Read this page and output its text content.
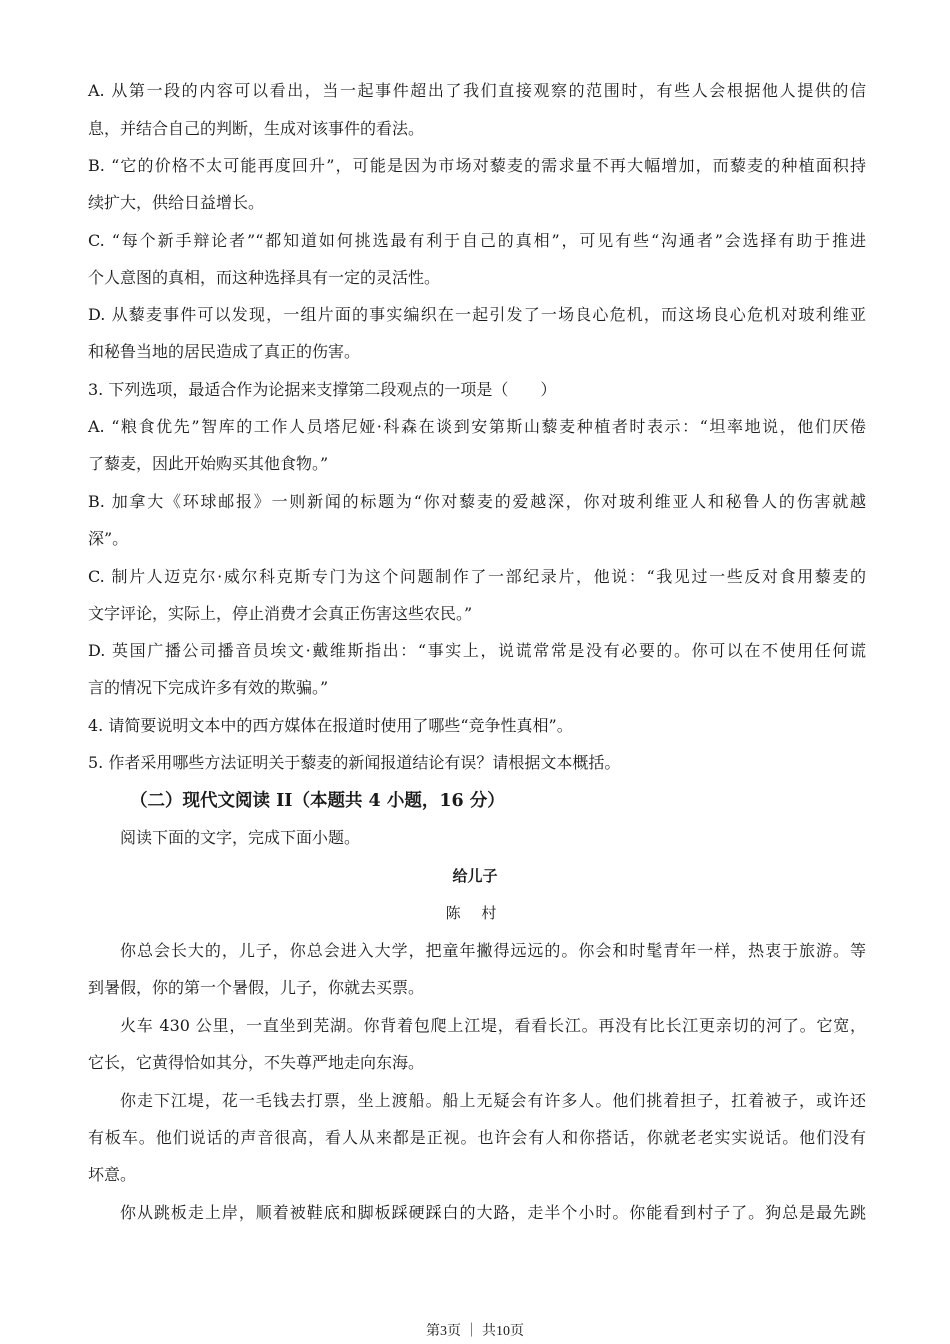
A. 从第一段的内容可以看出，当一起事件超出了我们直接观察的范围时，有些人会根据他人提供的信
息，并结合自己的判断，生成对该事件的看法。
B. “它的价格不太可能再度回升”，可能是因为市场对藜麦的需求量不再大幅增加，而藜麦的种植面积持
续扩大，供给日益增长。
C. “每个新手辩论者”“都知道如何挑选最有利于自己的真相”，可见有些“沟通者”会选择有助于推进
个人意图的真相，而这种选择具有一定的灵活性。
D. 从藜麦事件可以发现，一组片面的事实编织在一起引发了一场良心危机，而这场良心危机对玻利维亚
和秘鲁当地的居民造成了真正的伤害。
3. 下列选项，最适合作为论据来支撑第二段观点的一项是（　　）
A. “粮食优先”智库的工作人员塔尼娅·科森在谈到安第斯山藜麦种植者时表示：“坦率地说，他们厌倦
了藜麦，因此开始购买其他食物。”
B. 加拿大《环球邮报》一则新闻的标题为“你对藜麦的爱越深，你对玻利维亚人和秘鲁人的伤害就越
深”。
C. 制片人迈克尔·威尔科克斯专门为这个问题制作了一部纪录片，他说：“我见过一些反对食用藜麦的
文字评论，实际上，停止消费才会真正伤害这些农民。”
D. 英国广播公司播音员埃文·戴维斯指出：“事实上，说谎常常是没有必要的。你可以在不使用任何谎
言的情况下完成许多有效的欺骗。”
4. 请简要说明文本中的西方媒体在报道时使用了哪些“竞争性真相”。
5. 作者采用哪些方法证明关于藜麦的新闻报道结论有误？请根据文本概括。
（二）现代文阅读 II（本题共 4 小题，16 分）
阅读下面的文字，完成下面小题。
给儿子
陈 村
你总会长大的，儿子，你总会进入大学，把童年撇得远远的。你会和时髦青年一样，热衷于旅游。等
到暑假，你的第一个暑假，儿子，你就去买票。
火车 430 公里，一直坐到芜湖。你背着包爬上江堤，看看长江。再没有比长江更亲切的河了。它宽，
它长，它黄得恰如其分，不失尊严地走向东海。
你走下江堤，花一毛钱去打票，坐上渡船。船上无疑会有许多人。他们挑着担子，扛着被子，或许还
有板车。他们说话的声音很高，看人从来都是正视。也许会有人和你搭话，你就老老实实说话。他们没有
坏意。
你从跳板走上岸，顺着被鞋底和脚板踩硬踩白的大路，走半个小时。你能看到村子了。狗总是最先跳
第3页 ｜ 共10页
